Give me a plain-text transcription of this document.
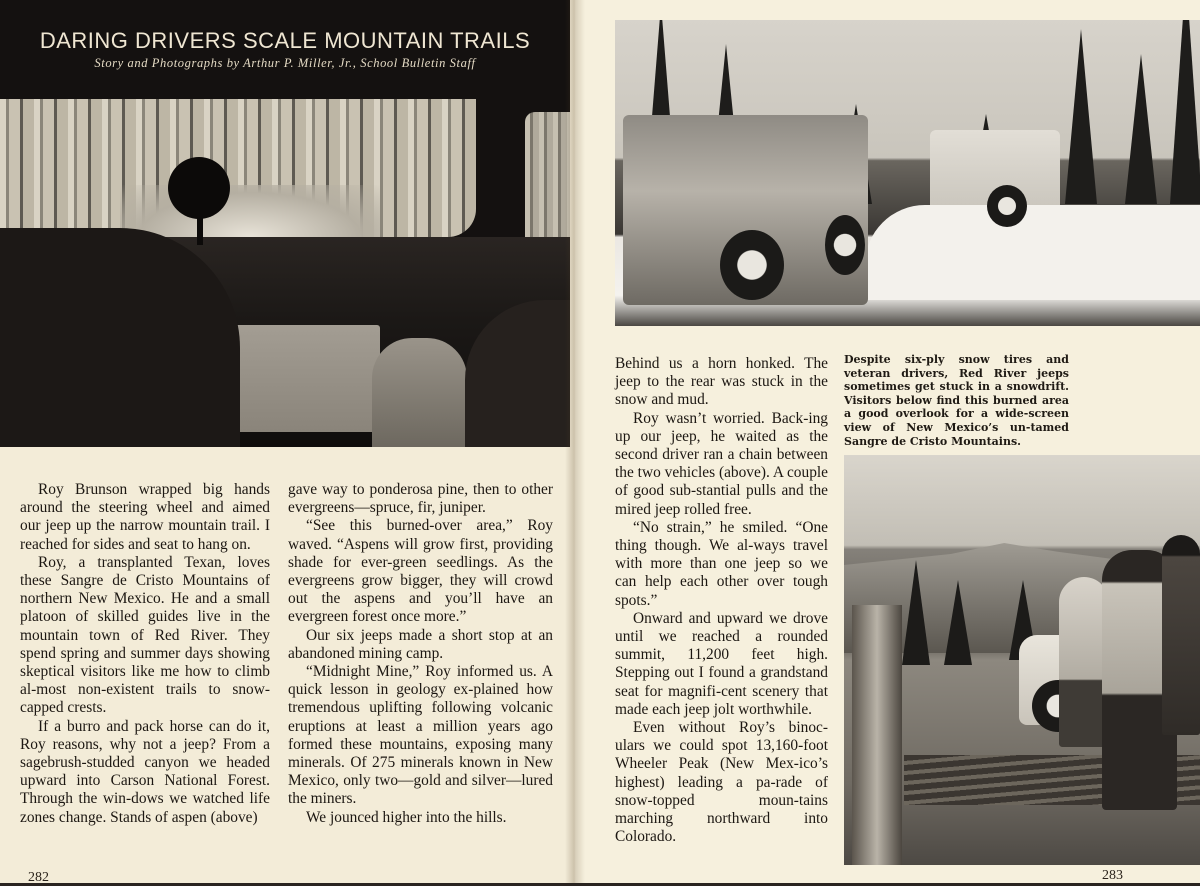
DARING DRIVERS SCALE MOUNTAIN TRAILS
Story and Photographs by Arthur P. Miller, Jr., School Bulletin Staff

Roy Brunson wrapped big hands around the steering wheel and aimed our jeep up the narrow mountain trail. I reached for sides and seat to hang on.

Roy, a transplanted Texan, loves these Sangre de Cristo Mountains of northern New Mexico. He and a small platoon of skilled guides live in the mountain town of Red River. They spend spring and summer days showing skeptical visitors like me how to climb al-most non-existent trails to snow-capped crests.

If a burro and pack horse can do it, Roy reasons, why not a jeep? From a sagebrush-studded canyon we headed upward into Carson National Forest. Through the win-dows we watched life zones change. Stands of aspen (above)

gave way to ponderosa pine, then to other evergreens—spruce, fir, juniper.

“See this burned-over area,” Roy waved. “Aspens will grow first, providing shade for ever-green seedlings. As the evergreens grow bigger, they will crowd out the aspens and you’ll have an evergreen forest once more.”

Our six jeeps made a short stop at an abandoned mining camp.

“Midnight Mine,” Roy informed us. A quick lesson in geology ex-plained how tremendous uplifting following volcanic eruptions at least a million years ago formed these mountains, exposing many minerals. Of 275 minerals known in New Mexico, only two—gold and silver—lured the miners.

We jounced higher into the hills.

282

Behind us a horn honked. The jeep to the rear was stuck in the snow and mud.

Roy wasn’t worried. Back-ing up our jeep, he waited as the second driver ran a chain between the two vehicles (above). A couple of good sub-stantial pulls and the mired jeep rolled free.

“No strain,” he smiled. “One thing though. We al-ways travel with more than one jeep so we can help each other over tough spots.”

Onward and upward we drove until we reached a rounded summit, 11,200 feet high. Stepping out I found a grandstand seat for magnifi-cent scenery that made each jeep jolt worthwhile.

Even without Roy’s binoc-ulars we could spot 13,160-foot Wheeler Peak (New Mex-ico’s highest) leading a pa-rade of snow-topped moun-tains marching northward into Colorado.

Despite six-ply snow tires and veteran drivers, Red River jeeps sometimes get stuck in a snowdrift. Visitors below find this burned area a good overlook for a wide-screen view of New Mexico’s un-tamed Sangre de Cristo Mountains.
283
